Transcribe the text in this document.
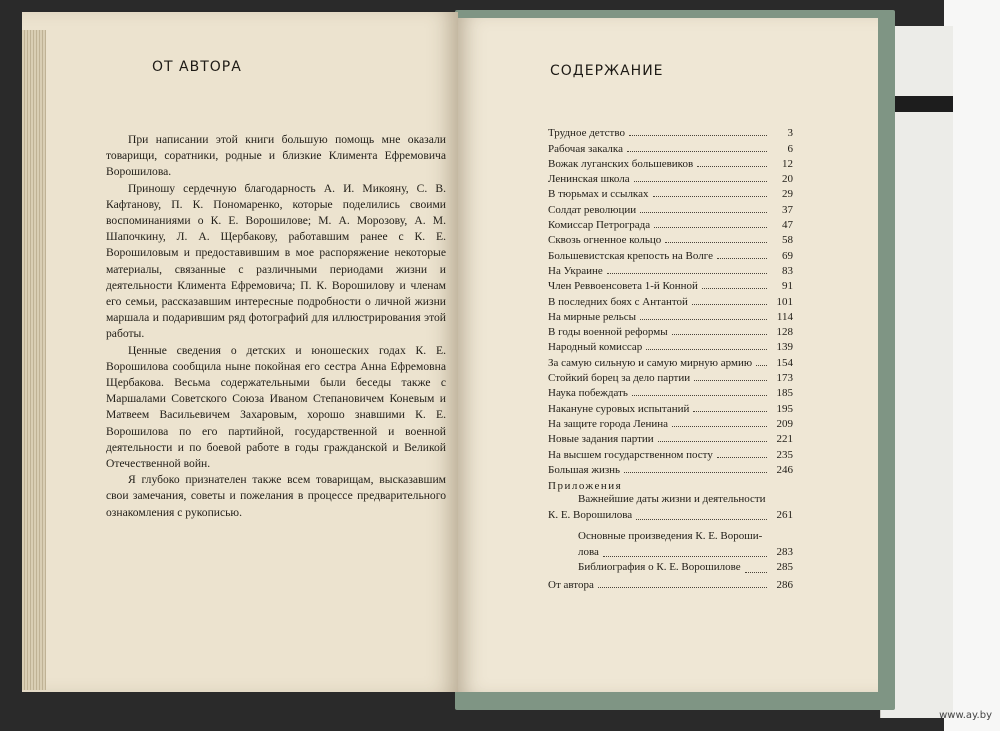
ОТ АВТОРА

При написании этой книги большую помощь мне оказали товарищи, соратники, родные и близкие Климента Ефремовича Ворошилова.

Приношу сердечную благодарность А. И. Микояну, С. В. Кафтанову, П. К. Пономаренко, которые поделились своими воспоминаниями о К. Е. Ворошилове; М. А. Морозову, А. М. Шапочкину, Л. А. Щербакову, работавшим ранее с К. Е. Ворошиловым и предоставившим в мое распоряжение некоторые материалы, связанные с различными периодами жизни и деятельности Климента Ефремовича; П. К. Ворошилову и членам его семьи, рассказавшим интересные подробности о личной жизни маршала и подарившим ряд фотографий для иллюстрирования этой работы.

Ценные сведения о детских и юношеских годах К. Е. Ворошилова сообщила ныне покойная его сестра Анна Ефремовна Щербакова. Весьма содержательными были беседы также с Маршалами Советского Союза Иваном Степановичем Коневым и Матвеем Васильевичем Захаровым, хорошо знавшими К. Е. Ворошилова по его партийной, государственной и военной деятельности и по боевой работе в годы гражданской и Великой Отечественной войн.

Я глубоко признателен также всем товарищам, высказавшим свои замечания, советы и пожелания в процессе предварительного ознакомления с рукописью.

СОДЕРЖАНИЕ
Трудное детство	3
Рабочая закалка	6
Вожак луганских большевиков	12
Ленинская школа	20
В тюрьмах и ссылках	29
Солдат революции	37
Комиссар Петрограда	47
Сквозь огненное кольцо	58
Большевистская крепость на Волге	69
На Украине	83
Член Реввоенсовета 1-й Конной	91
В последних боях с Антантой	101
На мирные рельсы	114
В годы военной реформы	128
Народный комиссар	139
За самую сильную и самую мирную армию	154
Стойкий борец за дело партии	173
Наука побеждать	185
Накануне суровых испытаний	195
На защите города Ленина	209
Новые задания партии	221
На высшем государственном посту	235
Большая жизнь	246
Приложения
Важнейшие даты жизни и деятельности
К. Е. Ворошилова	261
Основные произведения К. Е. Вороши-
лова	283
Библиография о К. Е. Ворошилове	285
От автора	286
www.ay.by
